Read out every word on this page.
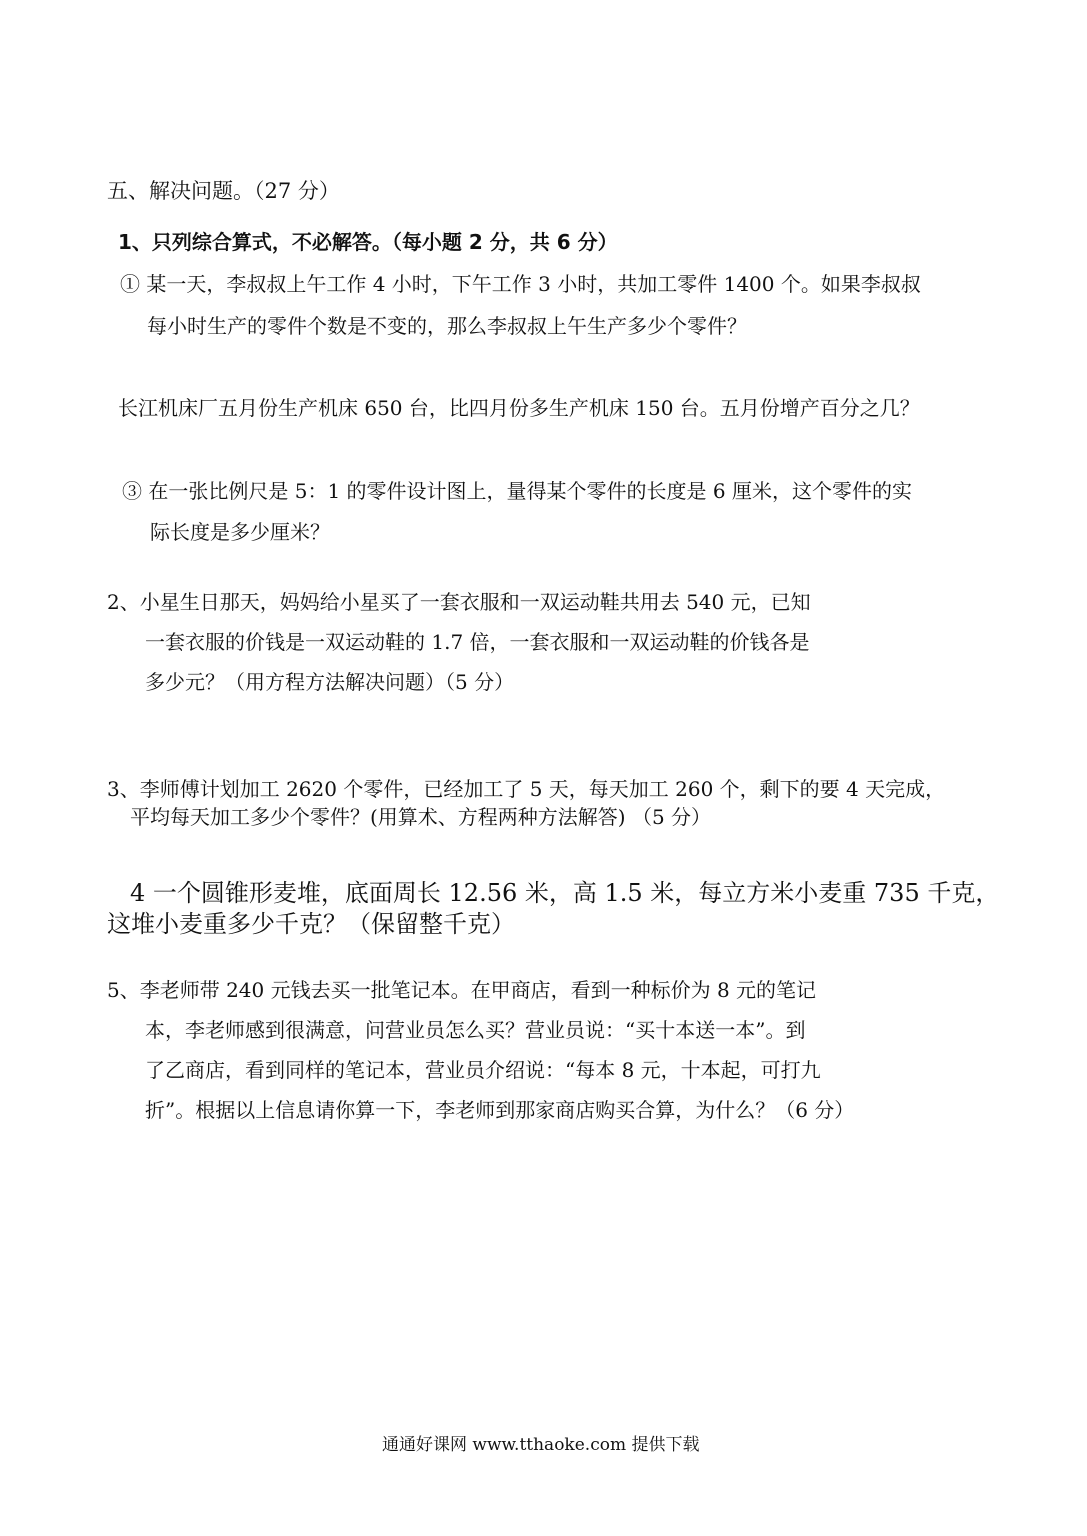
五、解决问题。（27 分）
1、只列综合算式，不必解答。（每小题 2 分，共 6 分）
① 某一天，李叔叔上午工作 4 小时，下午工作 3 小时，共加工零件 1400 个。如果李叔叔
每小时生产的零件个数是不变的，那么李叔叔上午生产多少个零件？
长江机床厂五月份生产机床 650 台，比四月份多生产机床 150 台。五月份增产百分之几？
③ 在一张比例尺是 5：1 的零件设计图上，量得某个零件的长度是 6 厘米，这个零件的实
际长度是多少厘米？
2、小星生日那天，妈妈给小星买了一套衣服和一双运动鞋共用去 540 元，已知
一套衣服的价钱是一双运动鞋的 1.7 倍，一套衣服和一双运动鞋的价钱各是
多少元？（用方程方法解决问题）（5 分）
3、李师傅计划加工 2620 个零件，已经加工了 5 天，每天加工 260 个，剩下的要 4 天完成，
平均每天加工多少个零件？(用算术、方程两种方法解答) （5 分）
4 一个圆锥形麦堆，底面周长 12.56 米，高 1.5 米，每立方米小麦重 735 千克，
这堆小麦重多少千克？（保留整千克）
5、李老师带 240 元钱去买一批笔记本。在甲商店，看到一种标价为 8 元的笔记
本，李老师感到很满意，问营业员怎么买？营业员说：“买十本送一本”。到
了乙商店，看到同样的笔记本，营业员介绍说：“每本 8 元，十本起，可打九
折”。根据以上信息请你算一下，李老师到那家商店购买合算，为什么？（6 分）
通通好课网 www.tthaoke.com 提供下载
